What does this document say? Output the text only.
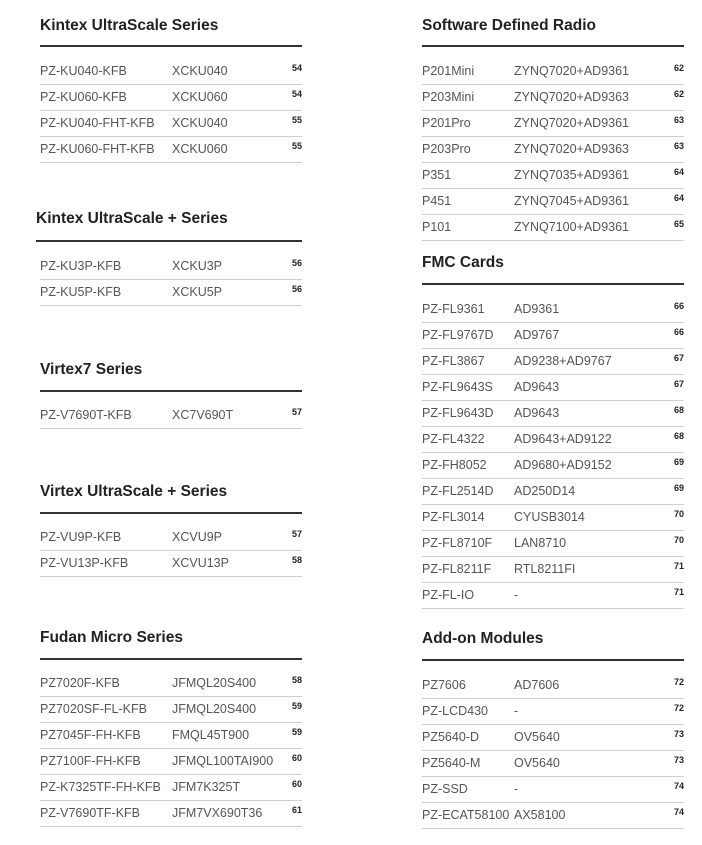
Kintex UltraScale Series
PZ-KU040-KFB	XCKU040	54
PZ-KU060-KFB	XCKU060	54
PZ-KU040-FHT-KFB XCKU040	55
PZ-KU060-FHT-KFB XCKU060	55
Kintex UltraScale + Series
PZ-KU3P-KFB	XCKU3P	56
PZ-KU5P-KFB	XCKU5P	56
Virtex7 Series
PZ-V7690T-KFB	XC7V690T	57
Virtex UltraScale + Series
PZ-VU9P-KFB	XCVU9P	57
PZ-VU13P-KFB	XCVU13P	58
Fudan Micro Series
PZ7020F-KFB	JFMQL20S400	58
PZ7020SF-FL-KFB JFMQL20S400	59
PZ7045F-FH-KFB	FMQL45T900	59
PZ7100F-FH-KFB	JFMQL100TAI900 60
PZ-K7325TF-FH-KFB JFM7K325T	60
PZ-V7690TF-KFB	JFM7VX690T36	61
Software Defined Radio
P201Mini	ZYNQ7020+AD9361	62
P203Mini	ZYNQ7020+AD9363	62
P201Pro	ZYNQ7020+AD9361	63
P203Pro	ZYNQ7020+AD9363	63
P351	ZYNQ7035+AD9361	64
P451	ZYNQ7045+AD9361	64
P101	ZYNQ7100+AD9361	65
FMC Cards
PZ-FL9361 AD9361	66
PZ-FL9767D AD9767	66
PZ-FL3867 AD9238+AD9767	67
PZ-FL9643S AD9643	67
PZ-FL9643D AD9643	68
PZ-FL4322 AD9643+AD9122	68
PZ-FH8052 AD9680+AD9152	69
PZ-FL2514D AD250D14	69
PZ-FL3014 CYUSB3014	70
PZ-FL8710F LAN8710	70
PZ-FL8211F RTL8211FI	71
PZ-FL-IO	-	71
Add-on Modules
PZ7606	AD7606	72
PZ-LCD430 -	72
PZ5640-D	OV5640	73
PZ5640-M	OV5640	73
PZ-SSD	-	74
PZ-ECAT58100 AX58100	74
